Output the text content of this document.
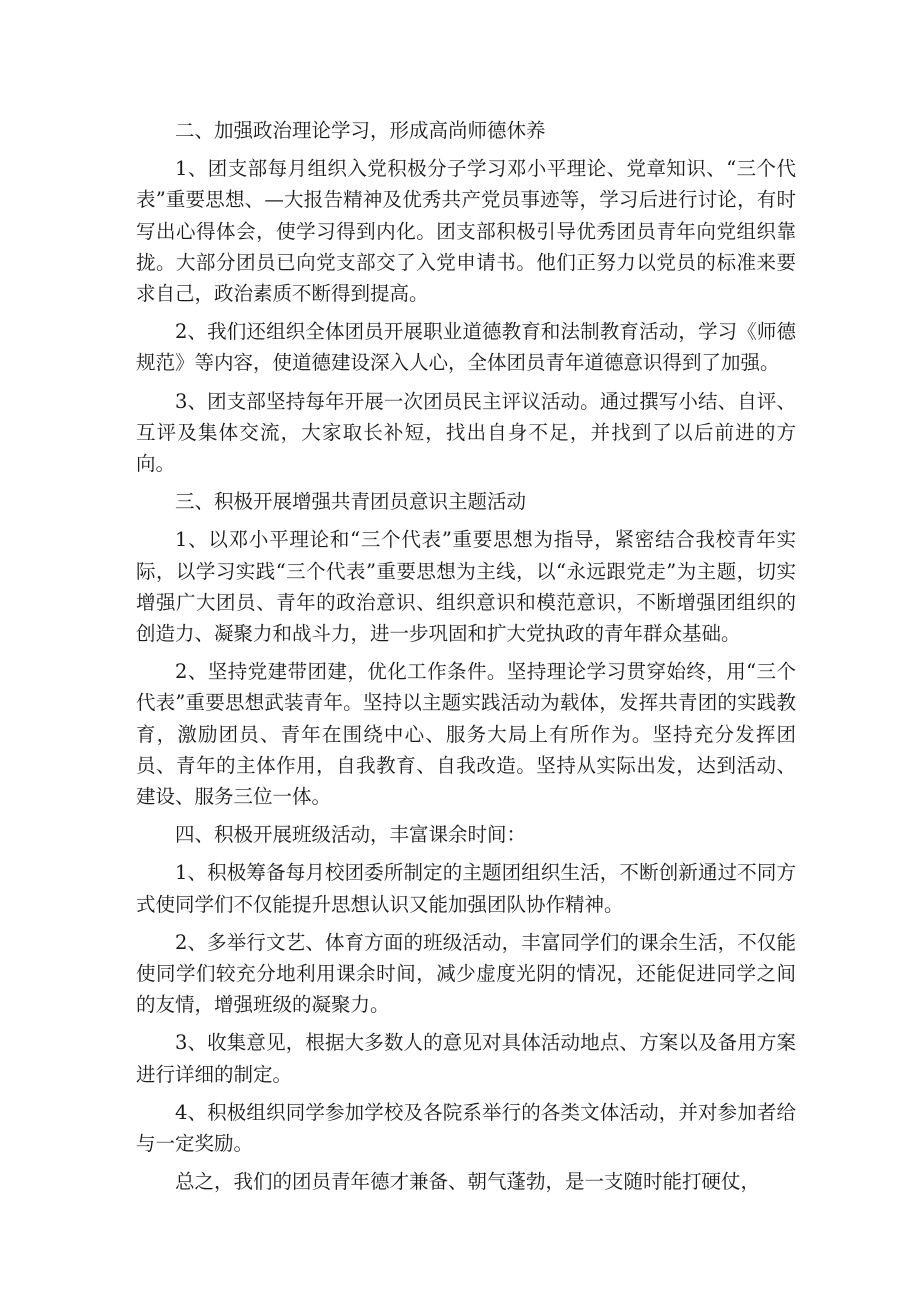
二、加强政治理论学习，形成高尚师德休养

1、团支部每月组织入党积极分子学习邓小平理论、党章知识、“三个代表”重要思想、—大报告精神及优秀共产党员事迹等，学习后进行讨论，有时写出心得体会，使学习得到内化。团支部积极引导优秀团员青年向党组织靠拢。大部分团员已向党支部交了入党申请书。他们正努力以党员的标准来要求自己，政治素质不断得到提高。

2、我们还组织全体团员开展职业道德教育和法制教育活动，学习《师德规范》等内容，使道德建设深入人心，全体团员青年道德意识得到了加强。

3、团支部坚持每年开展一次团员民主评议活动。通过撰写小结、自评、互评及集体交流，大家取长补短，找出自身不足，并找到了以后前进的方向。

三、积极开展增强共青团员意识主题活动

1、以邓小平理论和“三个代表”重要思想为指导，紧密结合我校青年实际，以学习实践“三个代表”重要思想为主线，以“永远跟党走”为主题，切实增强广大团员、青年的政治意识、组织意识和模范意识，不断增强团组织的创造力、凝聚力和战斗力，进一步巩固和扩大党执政的青年群众基础。

2、坚持党建带团建，优化工作条件。坚持理论学习贯穿始终，用“三个代表”重要思想武装青年。坚持以主题实践活动为载体，发挥共青团的实践教育，激励团员、青年在围绕中心、服务大局上有所作为。坚持充分发挥团员、青年的主体作用，自我教育、自我改造。坚持从实际出发，达到活动、建设、服务三位一体。

四、积极开展班级活动，丰富课余时间：

1、积极筹备每月校团委所制定的主题团组织生活，不断创新通过不同方式使同学们不仅能提升思想认识又能加强团队协作精神。

2、多举行文艺、体育方面的班级活动，丰富同学们的课余生活，不仅能使同学们较充分地利用课余时间，减少虚度光阴的情况，还能促进同学之间的友情，增强班级的凝聚力。

3、收集意见，根据大多数人的意见对具体活动地点、方案以及备用方案进行详细的制定。

4、积极组织同学参加学校及各院系举行的各类文体活动，并对参加者给与一定奖励。

总之，我们的团员青年德才兼备、朝气蓬勃，是一支随时能打硬仗，
